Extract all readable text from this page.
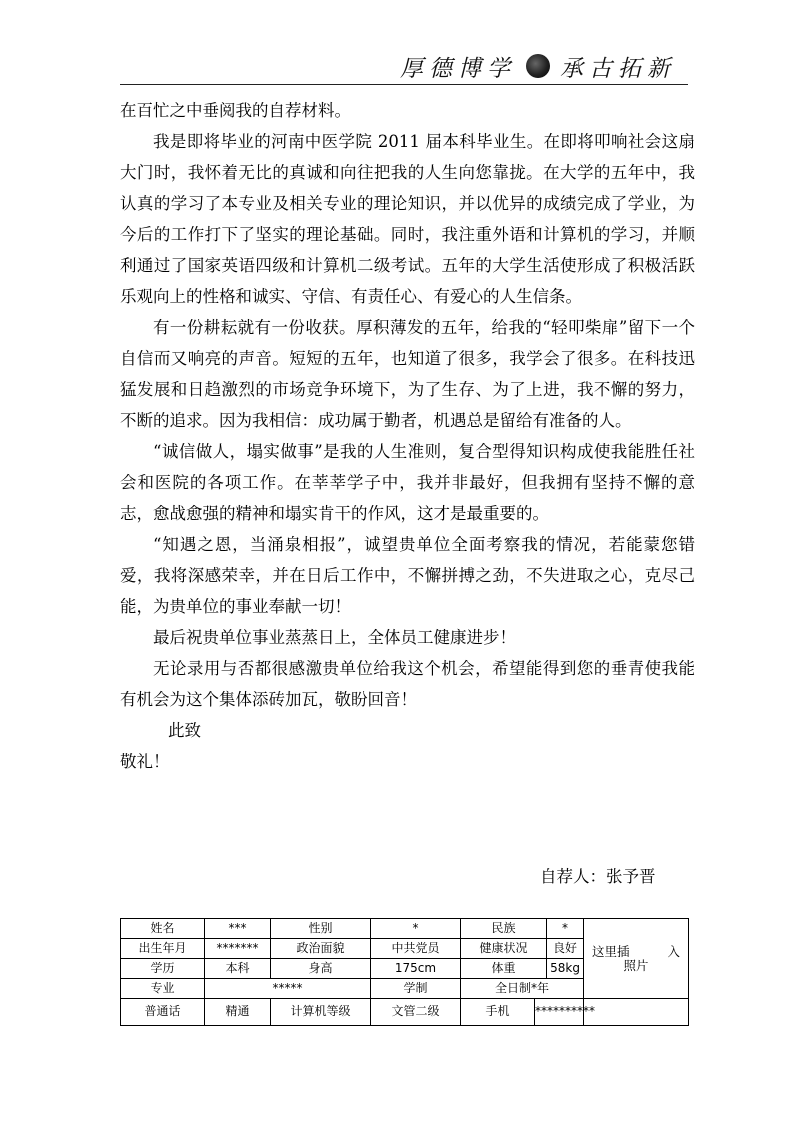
厚德博学 承古拓新

在百忙之中垂阅我的自荐材料。

我是即将毕业的河南中医学院 2011 届本科毕业生。在即将叩响社会这扇大门时，我怀着无比的真诚和向往把我的人生向您靠拢。在大学的五年中，我认真的学习了本专业及相关专业的理论知识，并以优异的成绩完成了学业，为今后的工作打下了坚实的理论基础。同时，我注重外语和计算机的学习，并顺利通过了国家英语四级和计算机二级考试。五年的大学生活使形成了积极活跃乐观向上的性格和诚实、守信、有责任心、有爱心的人生信条。

有一份耕耘就有一份收获。厚积薄发的五年，给我的“轻叩柴扉”留下一个自信而又响亮的声音。短短的五年，也知道了很多，我学会了很多。在科技迅猛发展和日趋激烈的市场竞争环境下，为了生存、为了上进，我不懈的努力，不断的追求。因为我相信：成功属于勤者，机遇总是留给有准备的人。

“诚信做人，塌实做事”是我的人生准则，复合型得知识构成使我能胜任社会和医院的各项工作。在莘莘学子中，我并非最好，但我拥有坚持不懈的意志，愈战愈强的精神和塌实肯干的作风，这才是最重要的。

“知遇之恩，当涌泉相报”，诚望贵单位全面考察我的情况，若能蒙您错爱，我将深感荣幸，并在日后工作中，不懈拼搏之劲，不失进取之心，克尽己能，为贵单位的事业奉献一切！

最后祝贵单位事业蒸蒸日上，全体员工健康进步！

无论录用与否都很感激贵单位给我这个机会，希望能得到您的垂青使我能有机会为这个集体添砖加瓦，敬盼回音！

此致

敬礼！

自荐人：张予晋
姓名	***	性别	*	民族		*	这里插 入
照片

出生年月	*******	政治面貌	中共党员	健康状况		良好	
学历	本科	身高	175cm	体重		58kg	
专业	*****		学制	全日制*年			
普通话	精通	计算机等级	文管二级	手机	**********		
